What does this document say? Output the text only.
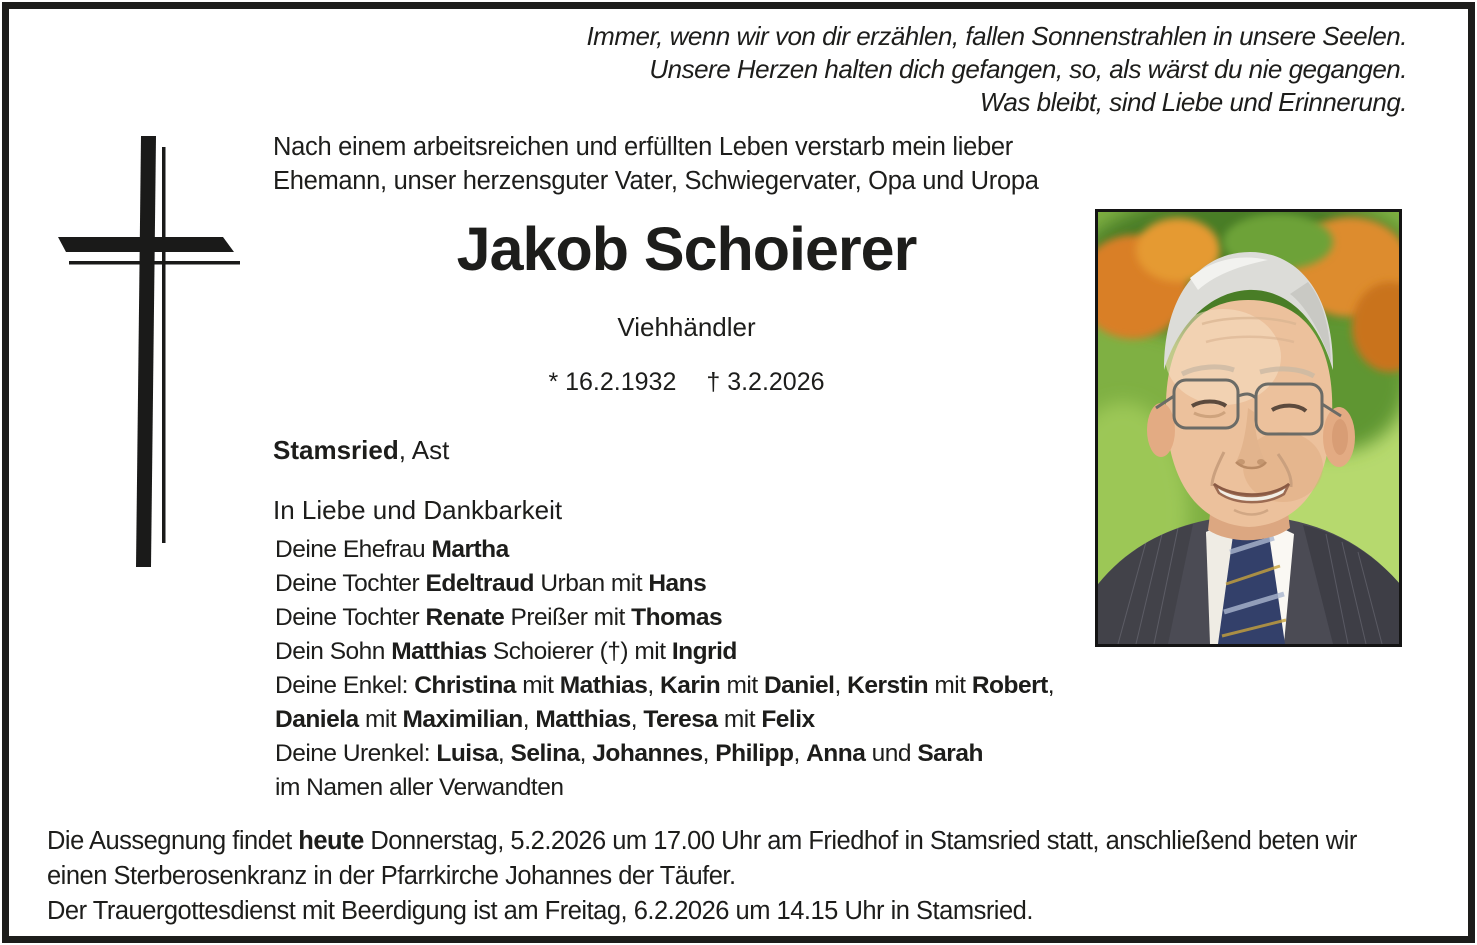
Immer, wenn wir von dir erzählen, fallen Sonnenstrahlen in unsere Seelen.
Unsere Herzen halten dich gefangen, so, als wärst du nie gegangen.
Was bleibt, sind Liebe und Erinnerung.
Nach einem arbeitsreichen und erfüllten Leben verstarb mein lieber
Ehemann, unser herzensguter Vater, Schwiegervater, Opa und Uropa
Jakob Schoierer
Viehhändler
* 16.2.1932 † 3.2.2026
Stamsried, Ast
In Liebe und Dankbarkeit
Deine Ehefrau Martha
Deine Tochter Edeltraud Urban mit Hans
Deine Tochter Renate Preißer mit Thomas
Dein Sohn Matthias Schoierer (†) mit Ingrid
Deine Enkel: Christina mit Mathias, Karin mit Daniel, Kerstin mit Robert,
Daniela mit Maximilian, Matthias, Teresa mit Felix
Deine Urenkel: Luisa, Selina, Johannes, Philipp, Anna und Sarah
im Namen aller Verwandten
Die Aussegnung findet heute Donnerstag, 5.2.2026 um 17.00 Uhr am Friedhof in Stamsried statt, anschließend beten wir
einen Sterberosenkranz in der Pfarrkirche Johannes der Täufer.
Der Trauergottesdienst mit Beerdigung ist am Freitag, 6.2.2026 um 14.15 Uhr in Stamsried.
